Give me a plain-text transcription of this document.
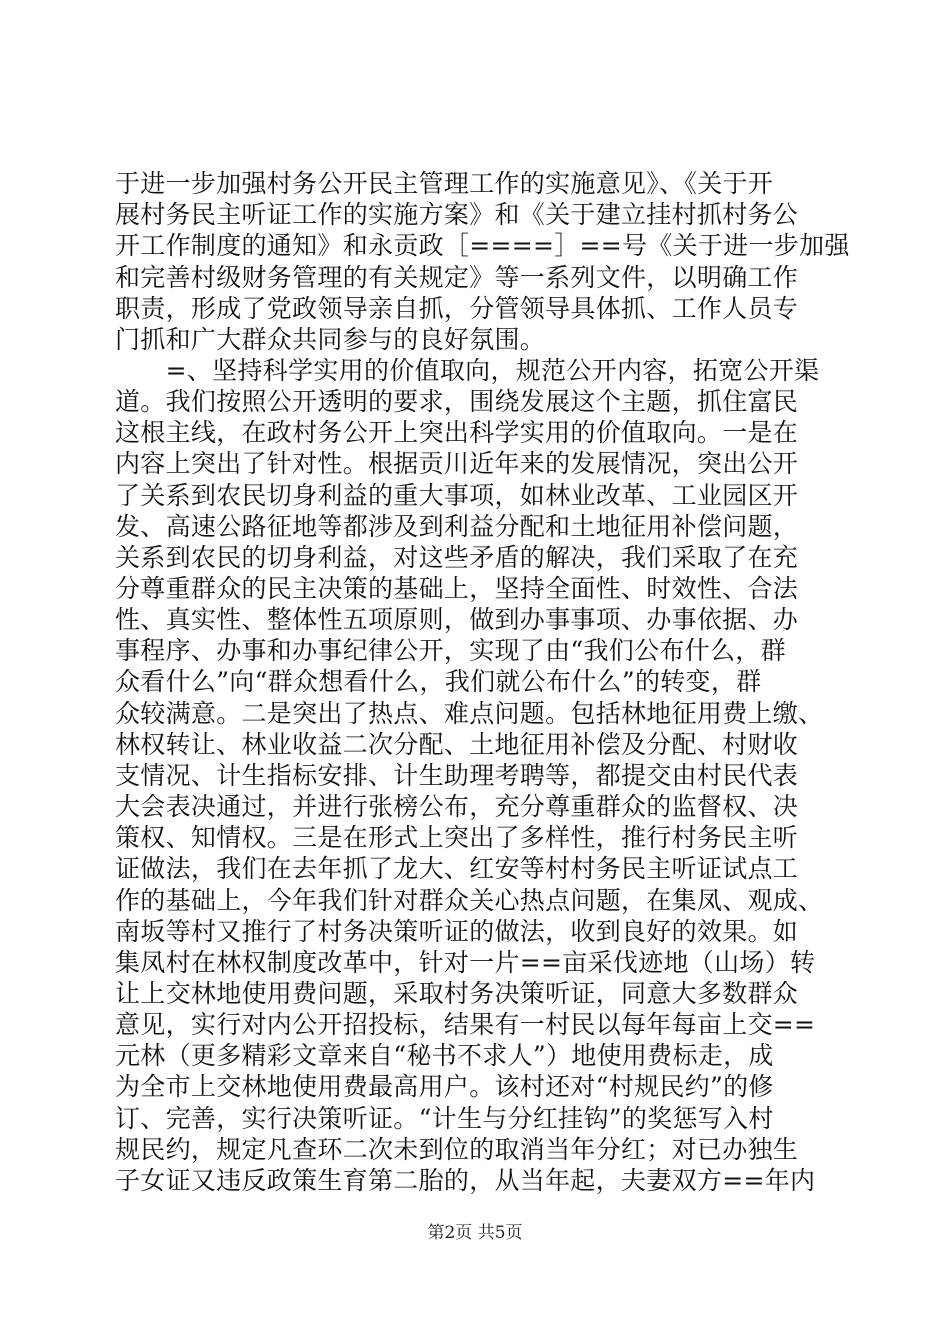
于进一步加强村务公开民主管理工作的实施意见》、《关于开
展村务民主听证工作的实施方案》和《关于建立挂村抓村务公
开工作制度的通知》和永贡政［====］==号《关于进一步加强
和完善村级财务管理的有关规定》等一系列文件，以明确工作
职责，形成了党政领导亲自抓，分管领导具体抓、工作人员专
门抓和广大群众共同参与的良好氛围。
　　=、坚持科学实用的价值取向，规范公开内容，拓宽公开渠
道。我们按照公开透明的要求，围绕发展这个主题，抓住富民
这根主线，在政村务公开上突出科学实用的价值取向。一是在
内容上突出了针对性。根据贡川近年来的发展情况，突出公开
了关系到农民切身利益的重大事项，如林业改革、工业园区开
发、高速公路征地等都涉及到利益分配和土地征用补偿问题，
关系到农民的切身利益，对这些矛盾的解决，我们采取了在充
分尊重群众的民主决策的基础上，坚持全面性、时效性、合法
性、真实性、整体性五项原则，做到办事事项、办事依据、办
事程序、办事和办事纪律公开，实现了由“我们公布什么，群
众看什么”向“群众想看什么，我们就公布什么”的转变，群
众较满意。二是突出了热点、难点问题。包括林地征用费上缴、
林权转让、林业收益二次分配、土地征用补偿及分配、村财收
支情况、计生指标安排、计生助理考聘等，都提交由村民代表
大会表决通过，并进行张榜公布，充分尊重群众的监督权、决
策权、知情权。三是在形式上突出了多样性，推行村务民主听
证做法，我们在去年抓了龙大、红安等村村务民主听证试点工
作的基础上，今年我们针对群众关心热点问题，在集凤、观成、
南坂等村又推行了村务决策听证的做法，收到良好的效果。如
集凤村在林权制度改革中，针对一片==亩采伐迹地（山场）转
让上交林地使用费问题，采取村务决策听证，同意大多数群众
意见，实行对内公开招投标，结果有一村民以每年每亩上交==
元林（更多精彩文章来自“秘书不求人”）地使用费标走，成
为全市上交林地使用费最高用户。该村还对“村规民约”的修
订、完善，实行决策听证。“计生与分红挂钩”的奖惩写入村
规民约，规定凡查环二次未到位的取消当年分红；对已办独生
子女证又违反政策生育第二胎的，从当年起，夫妻双方==年内
第2页 共5页
